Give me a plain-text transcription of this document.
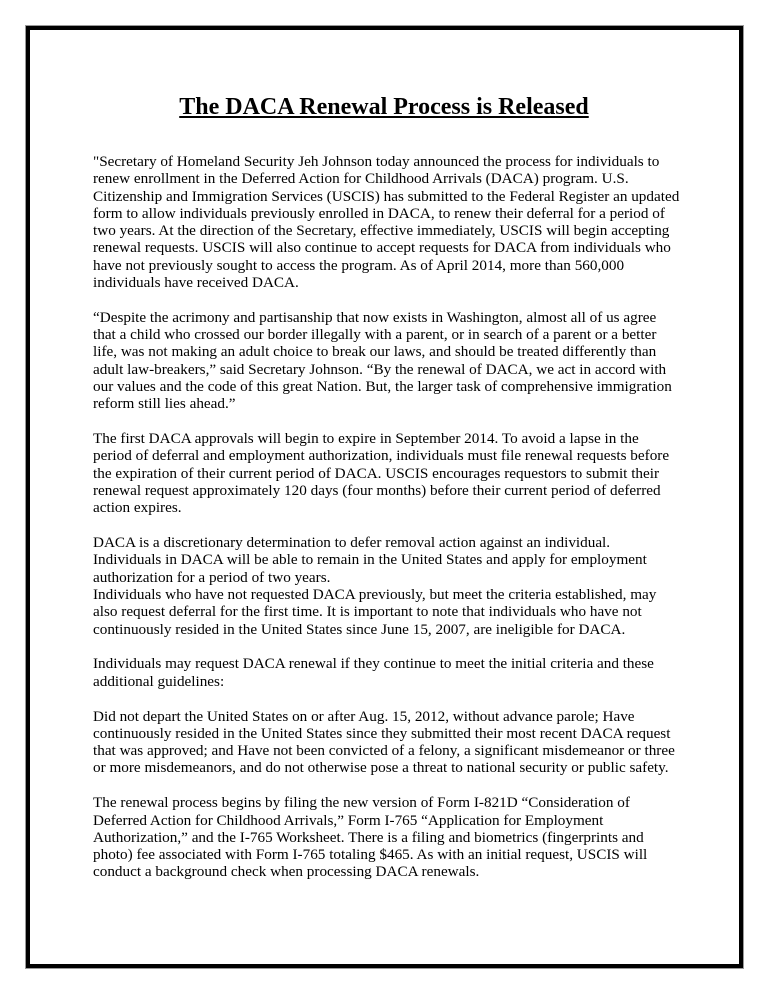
The DACA Renewal Process is Released
"Secretary of Homeland Security Jeh Johnson today announced the process for individuals to
renew enrollment in the Deferred Action for Childhood Arrivals (DACA) program. U.S.
Citizenship and Immigration Services (USCIS) has submitted to the Federal Register an updated
form to allow individuals previously enrolled in DACA, to renew their deferral for a period of
two years. At the direction of the Secretary, effective immediately, USCIS will begin accepting
renewal requests. USCIS will also continue to accept requests for DACA from individuals who
have not previously sought to access the program. As of April 2014, more than 560,000
individuals have received DACA.
“Despite the acrimony and partisanship that now exists in Washington, almost all of us agree
that a child who crossed our border illegally with a parent, or in search of a parent or a better
life, was not making an adult choice to break our laws, and should be treated differently than
adult law-breakers,” said Secretary Johnson. “By the renewal of DACA, we act in accord with
our values and the code of this great Nation. But, the larger task of comprehensive immigration
reform still lies ahead.”
The first DACA approvals will begin to expire in September 2014. To avoid a lapse in the
period of deferral and employment authorization, individuals must file renewal requests before
the expiration of their current period of DACA. USCIS encourages requestors to submit their
renewal request approximately 120 days (four months) before their current period of deferred
action expires.
DACA is a discretionary determination to defer removal action against an individual.
Individuals in DACA will be able to remain in the United States and apply for employment
authorization for a period of two years.
Individuals who have not requested DACA previously, but meet the criteria established, may
also request deferral for the first time. It is important to note that individuals who have not
continuously resided in the United States since June 15, 2007, are ineligible for DACA.
Individuals may request DACA renewal if they continue to meet the initial criteria and these
additional guidelines:
Did not depart the United States on or after Aug. 15, 2012, without advance parole; Have
continuously resided in the United States since they submitted their most recent DACA request
that was approved; and Have not been convicted of a felony, a significant misdemeanor or three
or more misdemeanors, and do not otherwise pose a threat to national security or public safety.
The renewal process begins by filing the new version of Form I-821D “Consideration of
Deferred Action for Childhood Arrivals,” Form I-765 “Application for Employment
Authorization,” and the I-765 Worksheet. There is a filing and biometrics (fingerprints and
photo) fee associated with Form I-765 totaling $465. As with an initial request, USCIS will
conduct a background check when processing DACA renewals.
